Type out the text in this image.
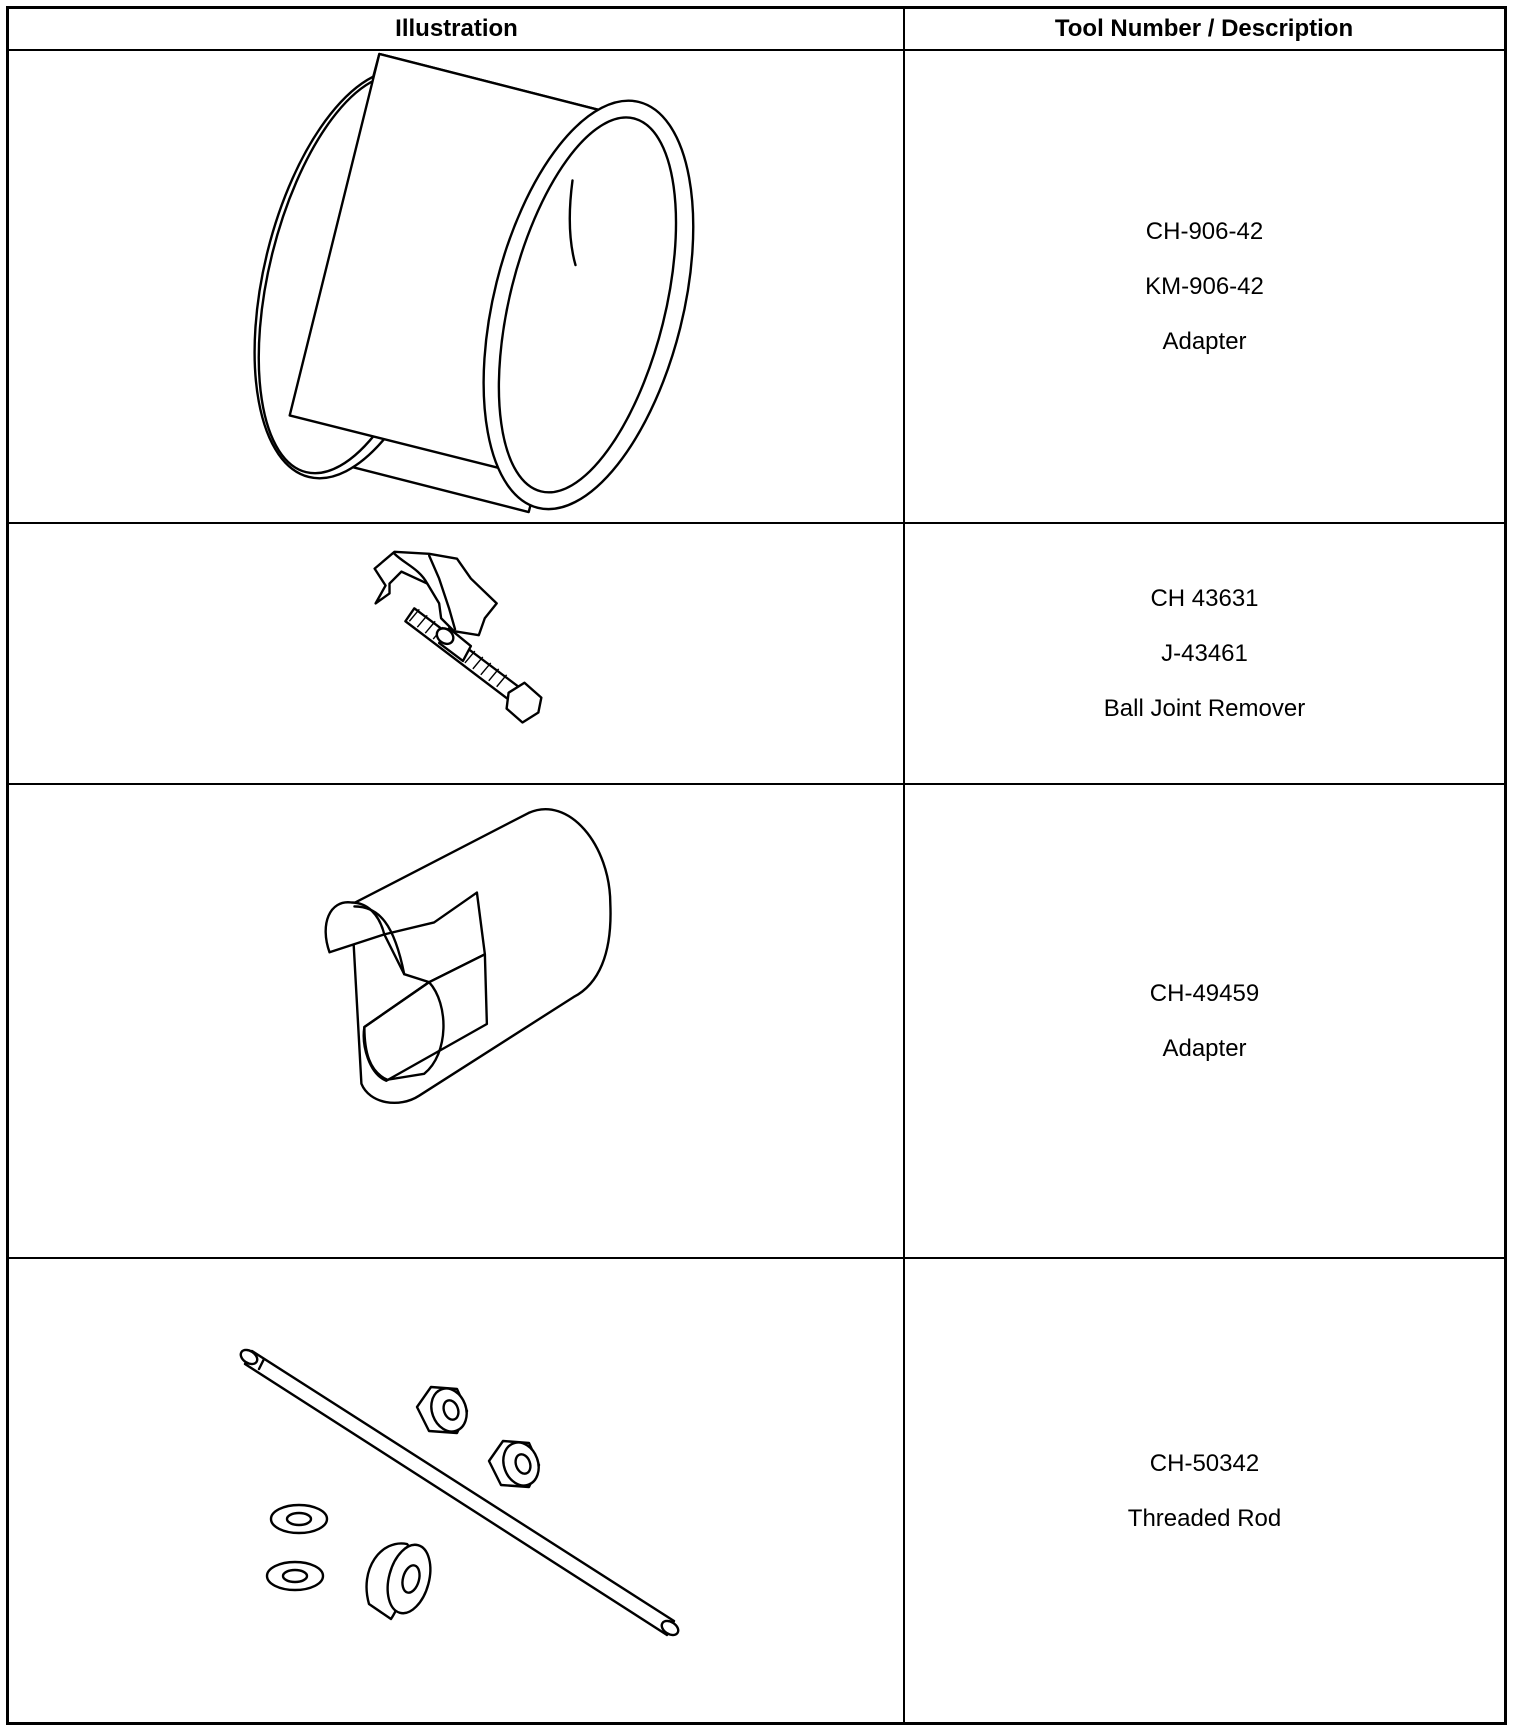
Illustration	Tool Number / Description

CH-906-42

KM-906-42

Adapter

CH 43631

J-43461

Ball Joint Remover

CH-49459

Adapter

CH-50342

Threaded Rod
